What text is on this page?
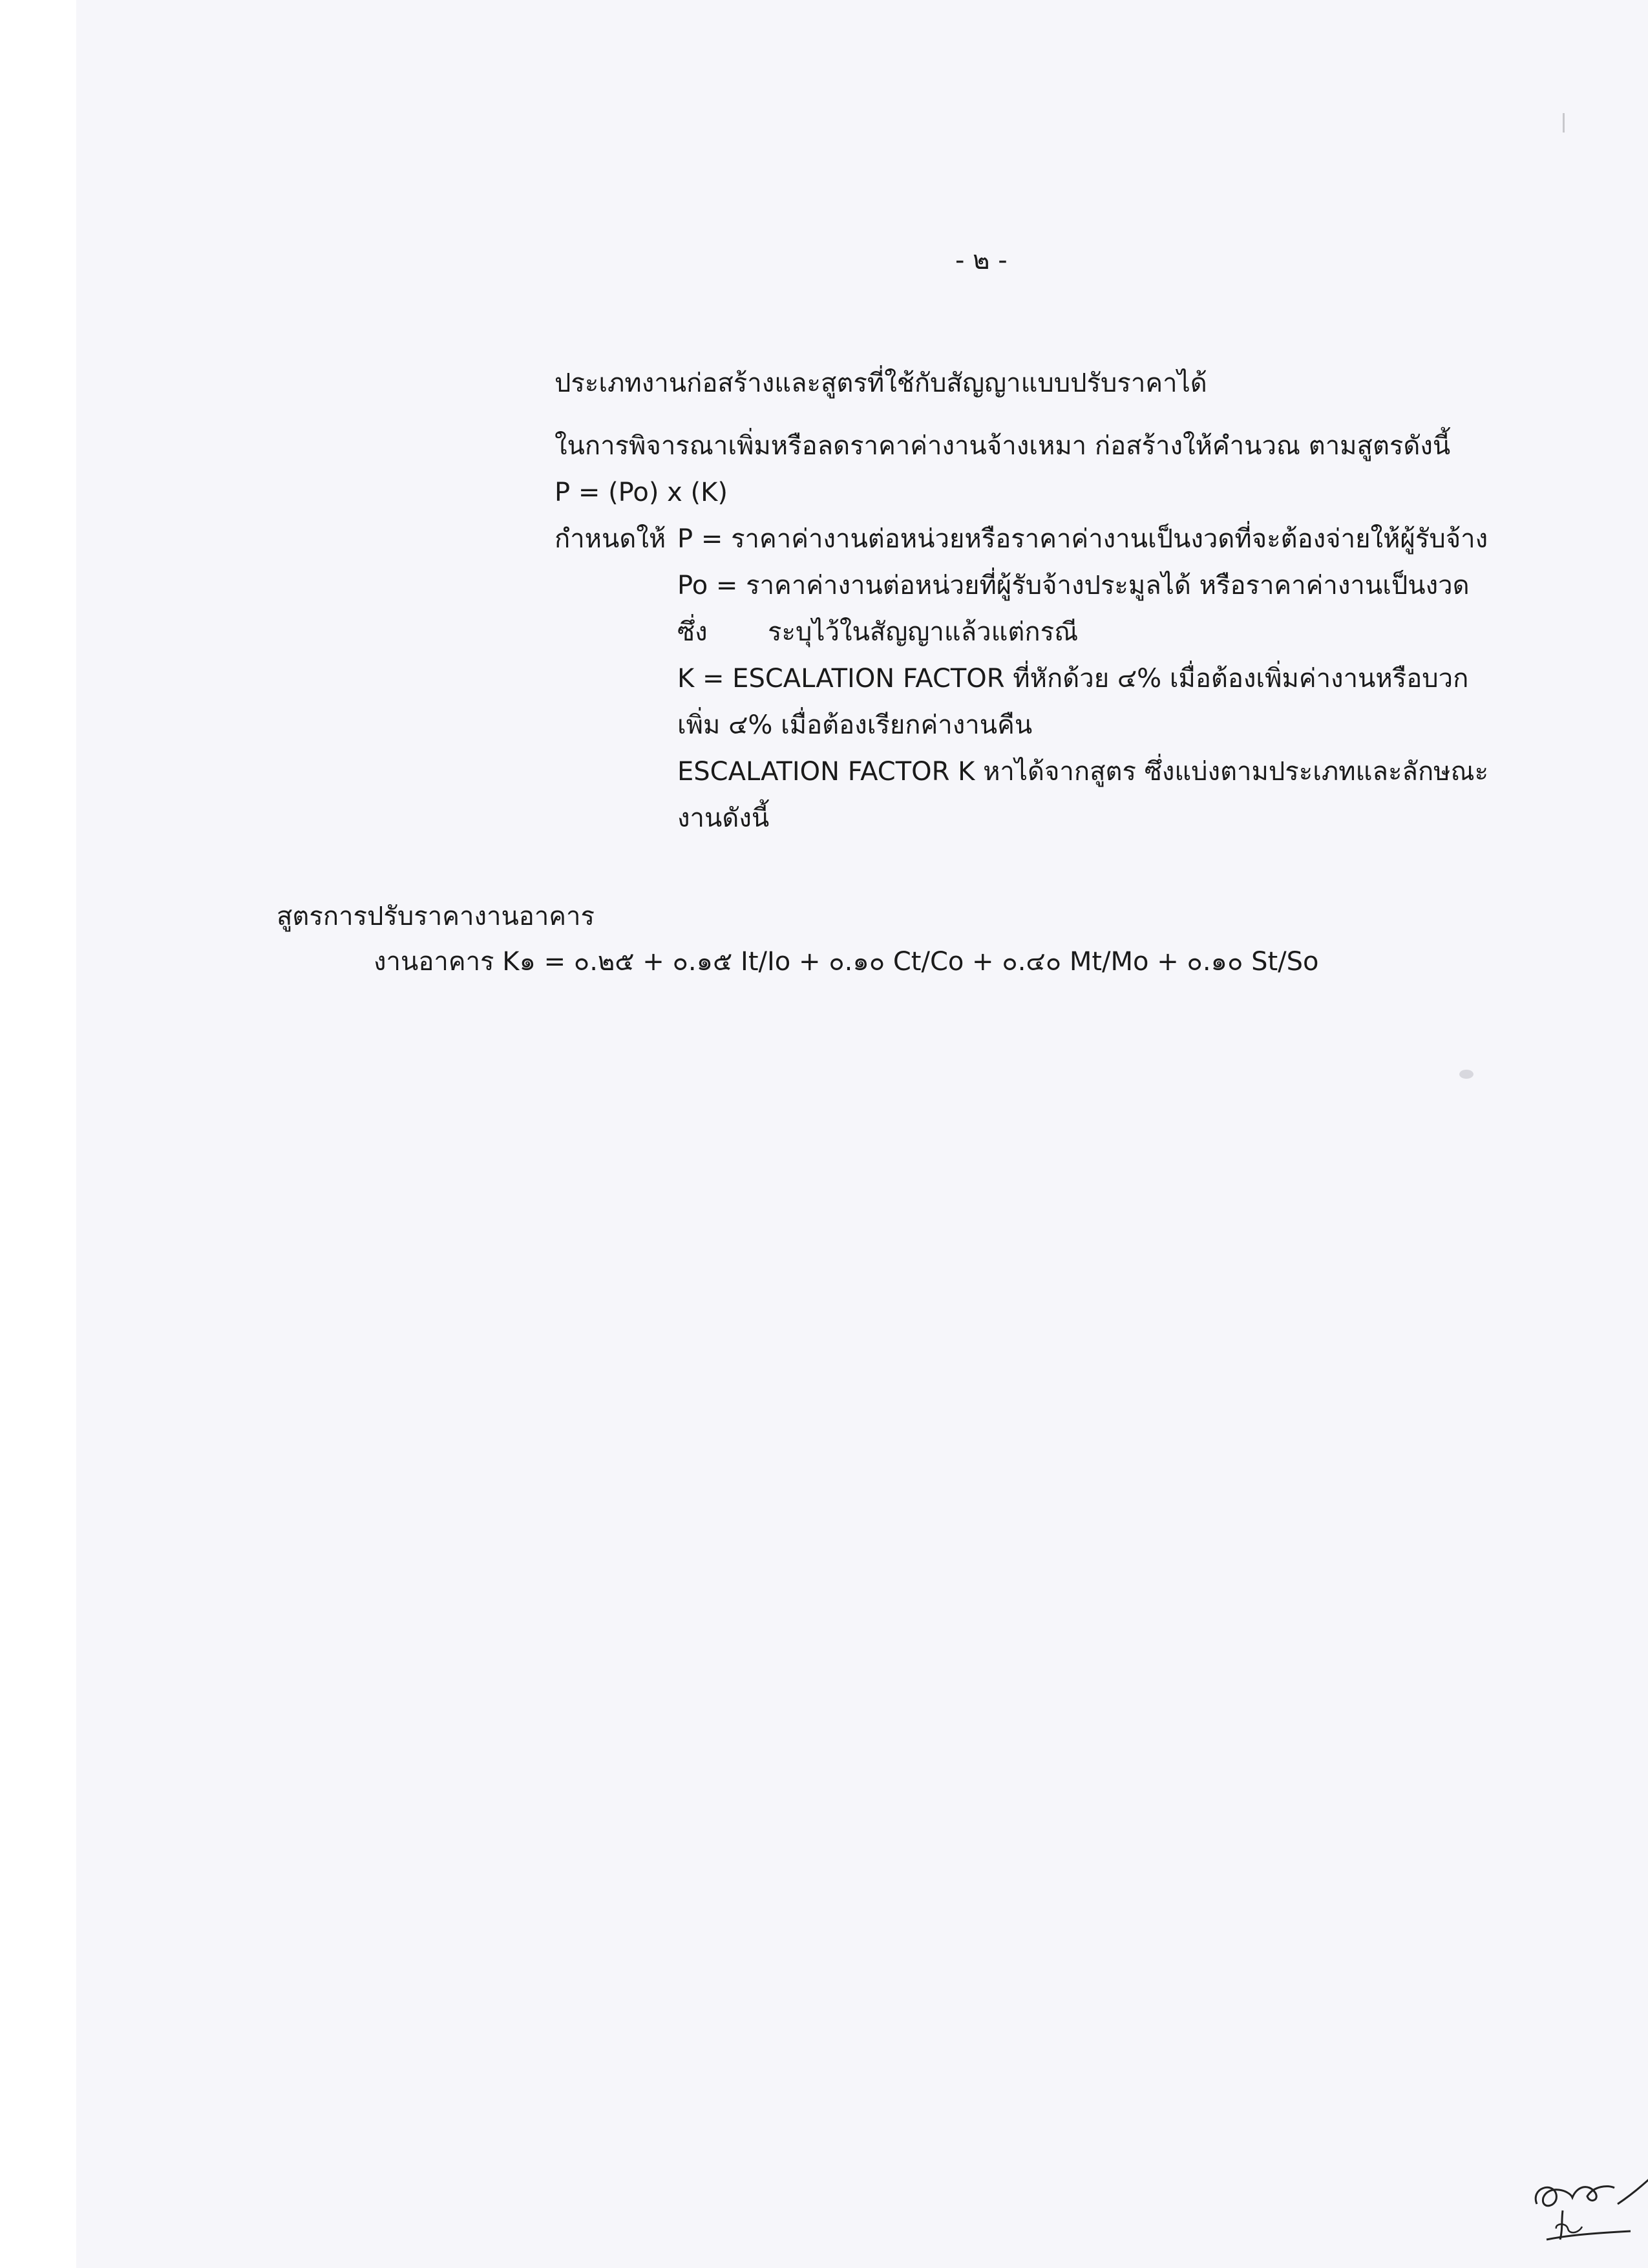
- ๒ -
ประเภทงานก่อสร้างและสูตรที่ใช้กับสัญญาแบบปรับราคาได้
ในการพิจารณาเพิ่มหรือลดราคาค่างานจ้างเหมา ก่อสร้างให้คำนวณ ตามสูตรดังนี้
P = (Po) x (K)
กำหนดให้ P = ราคาค่างานต่อหน่วยหรือราคาค่างานเป็นงวดที่จะต้องจ่ายให้ผู้รับจ้าง
Po = ราคาค่างานต่อหน่วยที่ผู้รับจ้างประมูลได้ หรือราคาค่างานเป็นงวด
ซึ่ง ระบุไว้ในสัญญาแล้วแต่กรณี
K = ESCALATION FACTOR ที่หักด้วย ๔% เมื่อต้องเพิ่มค่างานหรือบวก
เพิ่ม ๔% เมื่อต้องเรียกค่างานคืน
ESCALATION FACTOR K หาได้จากสูตร ซึ่งแบ่งตามประเภทและลักษณะ
งานดังนี้
สูตรการปรับราคางานอาคาร
งานอาคาร K๑ = ๐.๒๕ + ๐.๑๕ It/Io + ๐.๑๐ Ct/Co + ๐.๔๐ Mt/Mo + ๐.๑๐ St/So
